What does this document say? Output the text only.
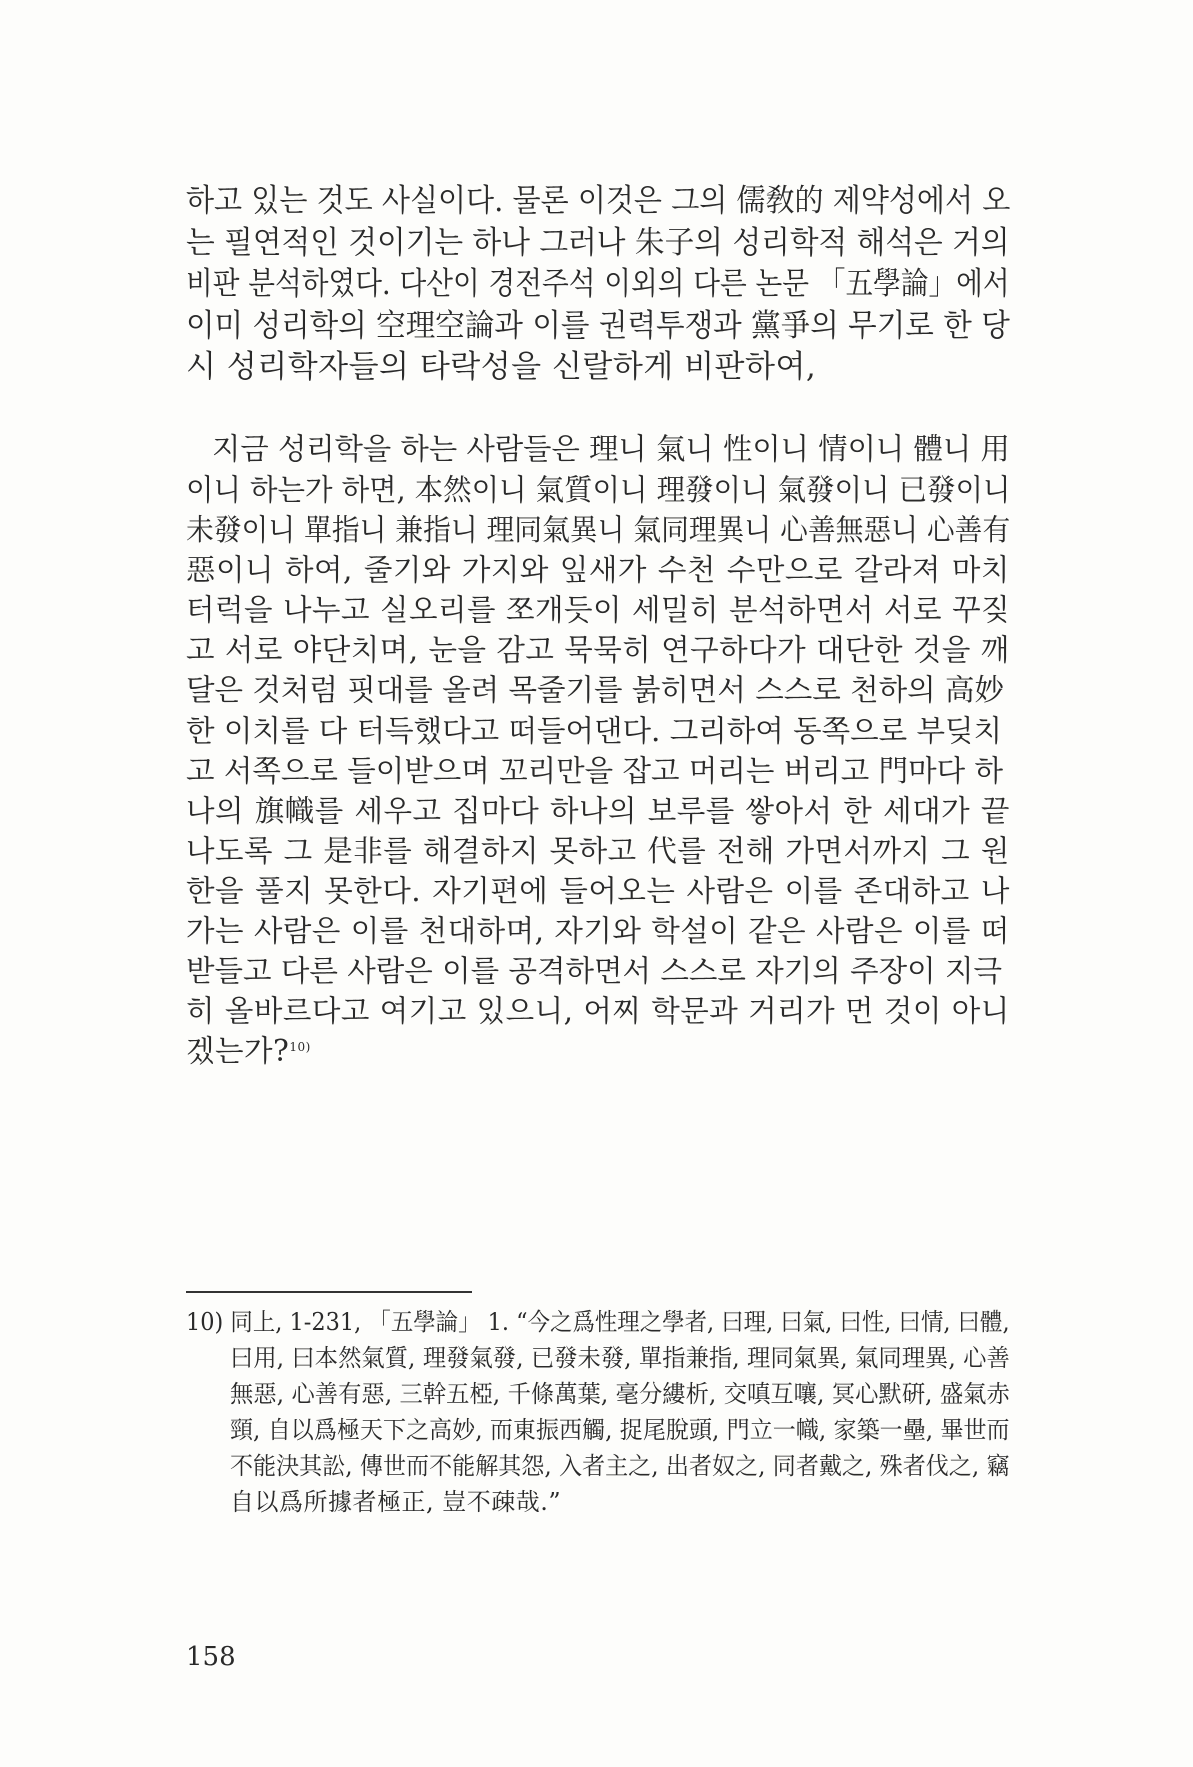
하고 있는 것도 사실이다. 물론 이것은 그의 儒敎的 제약성에서 오
는 필연적인 것이기는 하나 그러나 朱子의 성리학적 해석은 거의
비판 분석하였다. 다산이 경전주석 이외의 다른 논문 「五學論」에서
이미 성리학의 空理空論과 이를 권력투쟁과 黨爭의 무기로 한 당
시 성리학자들의 타락성을 신랄하게 비판하여,
지금 성리학을 하는 사람들은 理니 氣니 性이니 情이니 體니 用
이니 하는가 하면, 本然이니 氣質이니 理發이니 氣發이니 已發이니
未發이니 單指니 兼指니 理同氣異니 氣同理異니 心善無惡니 心善有
惡이니 하여, 줄기와 가지와 잎새가 수천 수만으로 갈라져 마치
터럭을 나누고 실오리를 쪼개듯이 세밀히 분석하면서 서로 꾸짖
고 서로 야단치며, 눈을 감고 묵묵히 연구하다가 대단한 것을 깨
달은 것처럼 핏대를 올려 목줄기를 붉히면서 스스로 천하의 高妙
한 이치를 다 터득했다고 떠들어댄다. 그리하여 동쪽으로 부딪치
고 서쪽으로 들이받으며 꼬리만을 잡고 머리는 버리고 門마다 하
나의 旗幟를 세우고 집마다 하나의 보루를 쌓아서 한 세대가 끝
나도록 그 是非를 해결하지 못하고 代를 전해 가면서까지 그 원
한을 풀지 못한다. 자기편에 들어오는 사람은 이를 존대하고 나
가는 사람은 이를 천대하며, 자기와 학설이 같은 사람은 이를 떠
받들고 다른 사람은 이를 공격하면서 스스로 자기의 주장이 지극
히 올바르다고 여기고 있으니, 어찌 학문과 거리가 먼 것이 아니
겠는가?$^{10)}$
10) 同上, 1-231, 「五學論」 1. “今之爲性理之學者, 曰理, 曰氣, 曰性, 曰情, 曰體,
曰用, 曰本然氣質, 理發氣發, 已發未發, 單指兼指, 理同氣異, 氣同理異, 心善
無惡, 心善有惡, 三幹五椏, 千條萬葉, 毫分縷析, 交嗔互嚷, 冥心默硏, 盛氣赤
頸, 自以爲極天下之高妙, 而東振西觸, 捉尾脫頭, 門立一幟, 家築一壘, 畢世而
不能決其訟, 傳世而不能解其怨, 入者主之, 出者奴之, 同者戴之, 殊者伐之, 竊
自以爲所據者極正, 豈不疎哉.”
158
